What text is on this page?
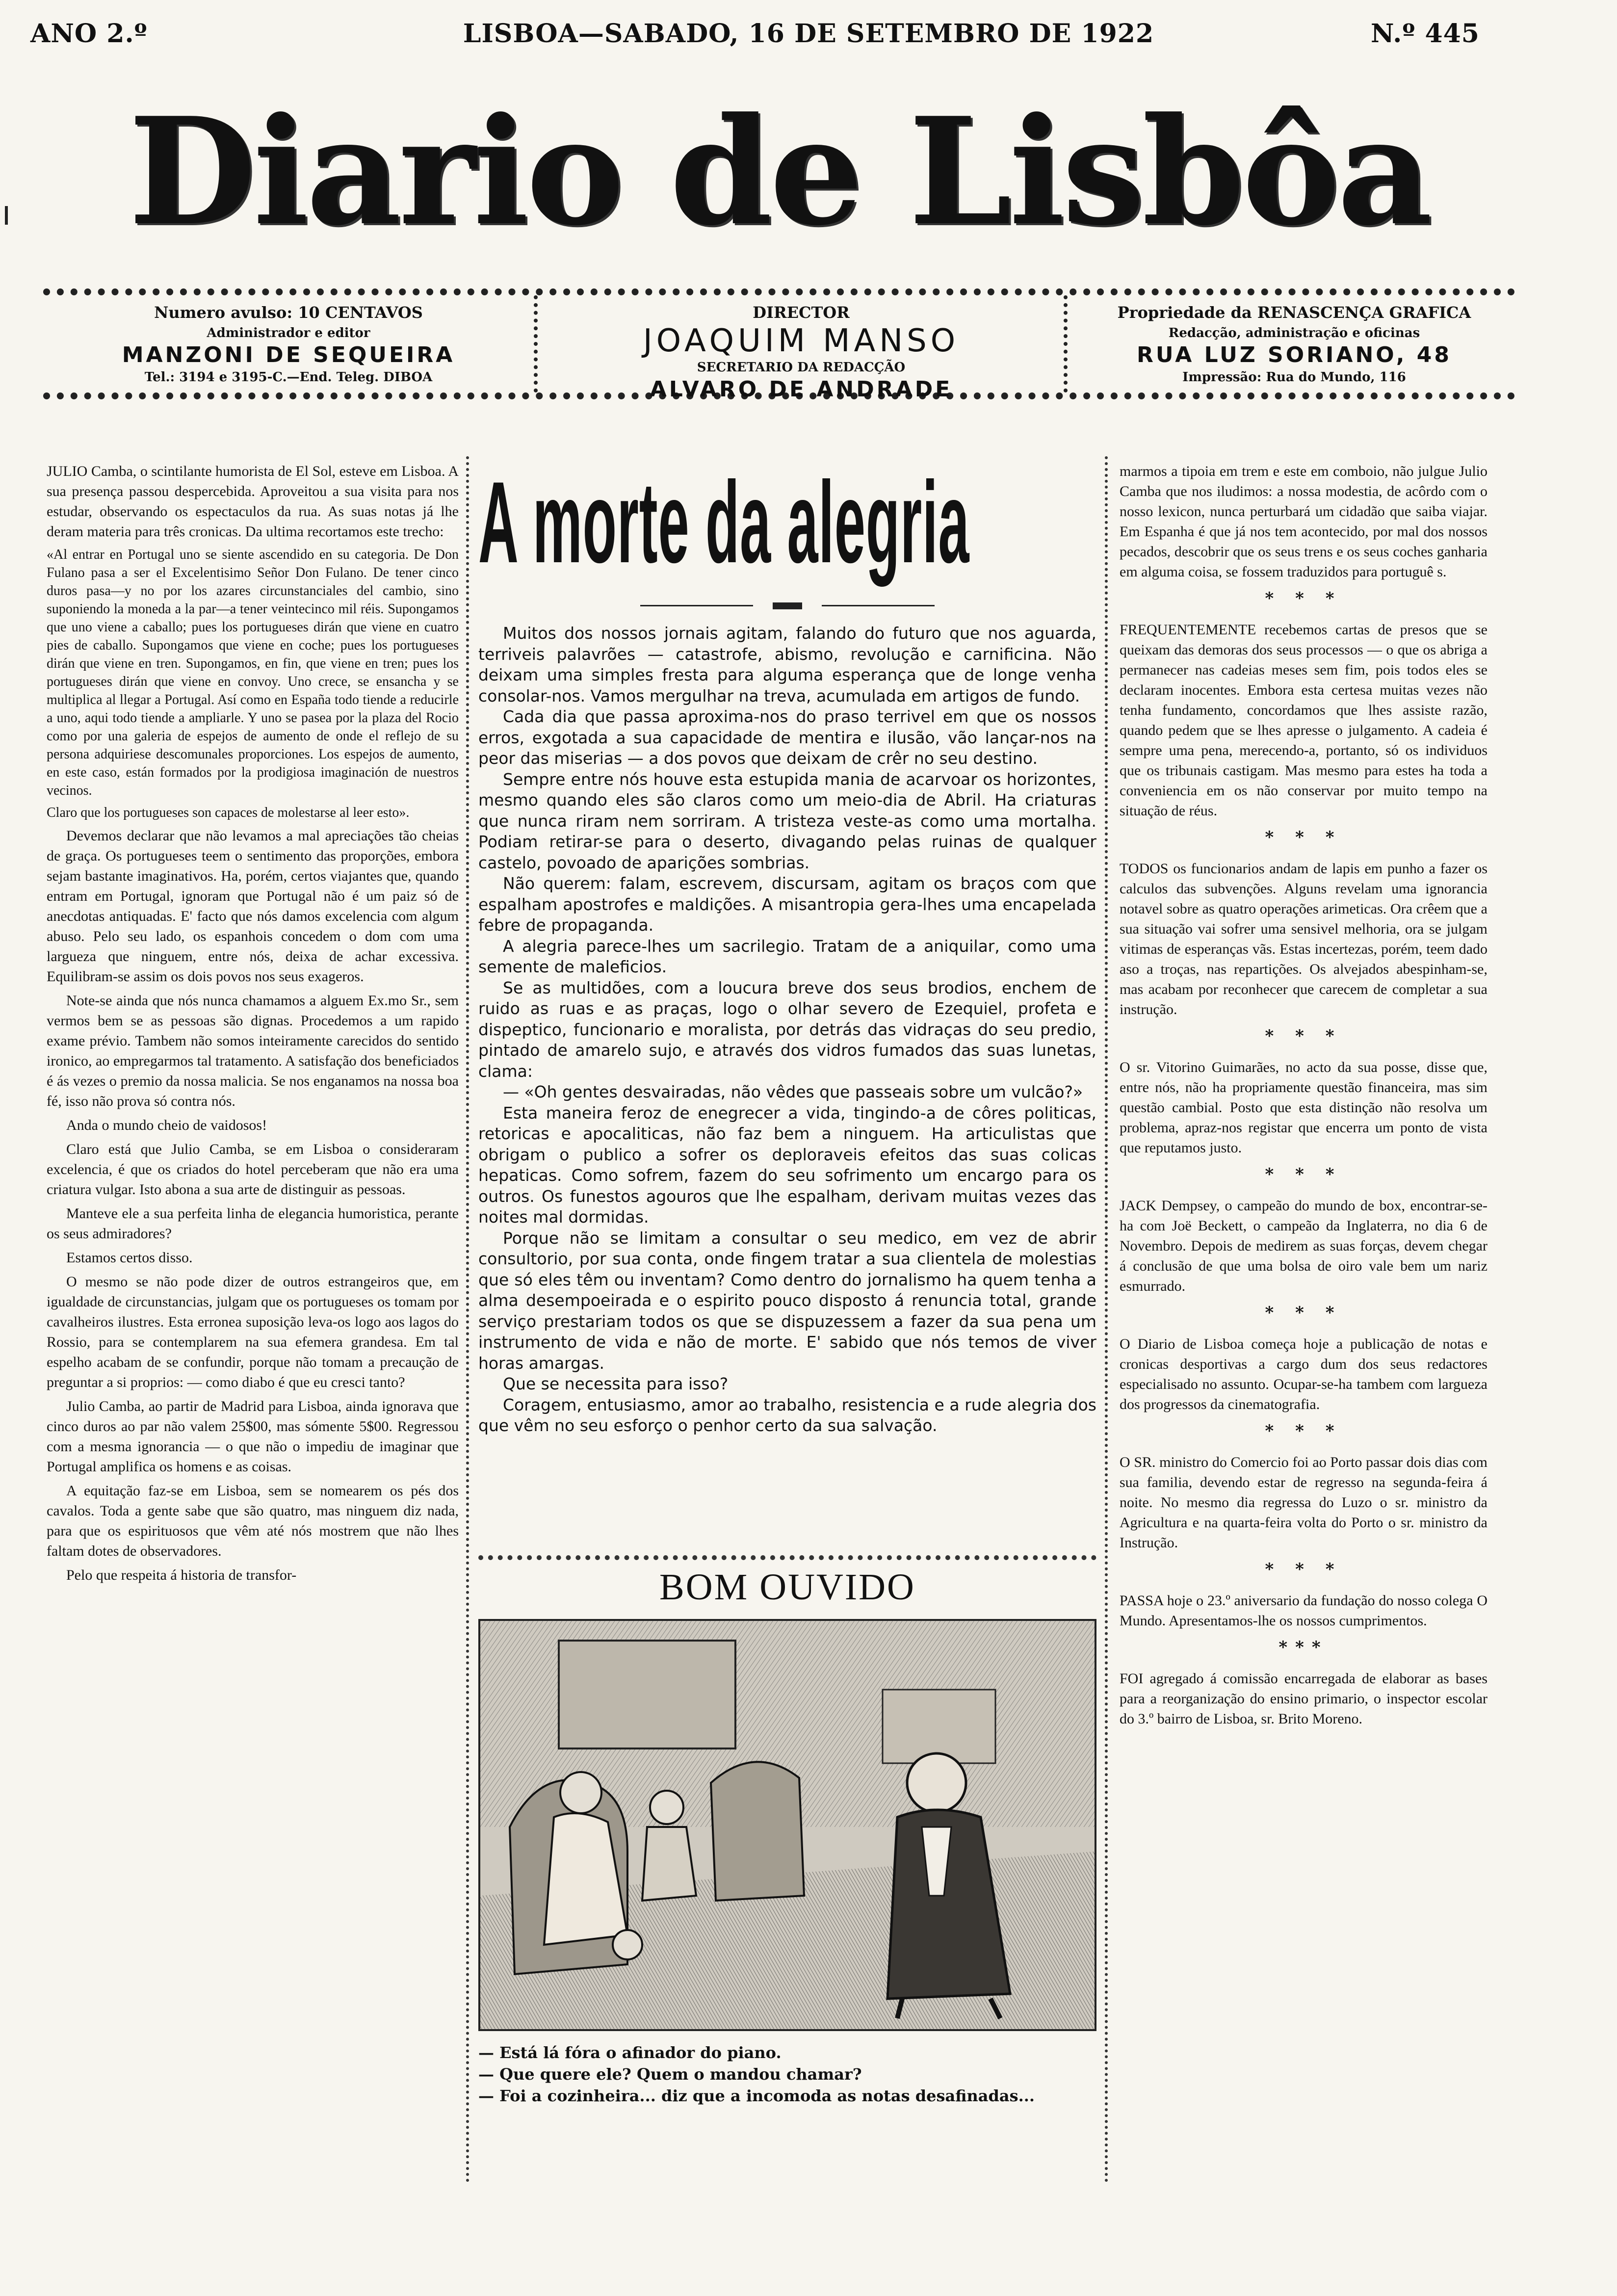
ANO 2.º	LISBOA—SABADO, 16 DE SETEMBRO DE 1922	N.º 445
Diario de Lisbôa
Numero avulso: 10 CENTAVOS
Administrador e editor
MANZONI DE SEQUEIRA
Tel.: 3194 e 3195-C.—End. Teleg. DIBOA
DIRECTOR
JOAQUIM MANSO
SECRETARIO DA REDACÇÃO
ALVARO DE ANDRADE
Propriedade da RENASCENÇA GRAFICA
Redacção, administração e oficinas
RUA LUZ SORIANO, 48
Impressão: Rua do Mundo, 116

JULIO Camba, o scintilante humorista de El Sol, esteve em Lisboa. A sua presença passou despercebida. Aproveitou a sua visita para nos estudar, observando os espectaculos da rua. As suas notas já lhe deram materia para três cronicas. Da ultima recortamos este trecho:

«Al entrar en Portugal uno se siente ascendido en su categoria. De Don Fulano pasa a ser el Excelentisimo Señor Don Fulano. De tener cinco duros pasa—y no por los azares circunstanciales del cambio, sino suponiendo la moneda a la par—a tener veintecinco mil réis. Supongamos que uno viene a caballo; pues los portugueses dirán que viene en cuatro pies de caballo. Supongamos que viene en coche; pues los portugueses dirán que viene en tren. Supongamos, en fin, que viene en tren; pues los portugueses dirán que viene en convoy. Uno crece, se ensancha y se multiplica al llegar a Portugal. Así como en España todo tiende a reducirle a uno, aqui todo tiende a ampliarle. Y uno se pasea por la plaza del Rocio como por una galeria de espejos de aumento de onde el reflejo de su persona adquiriese descomunales proporciones. Los espejos de aumento, en este caso, están formados por la prodigiosa imaginación de nuestros vecinos.

Claro que los portugueses son capaces de molestarse al leer esto».

Devemos declarar que não levamos a mal apreciações tão cheias de graça. Os portugueses teem o sentimento das proporções, embora sejam bastante imaginativos. Ha, porém, certos viajantes que, quando entram em Portugal, ignoram que Portugal não é um paiz só de anecdotas antiquadas. E' facto que nós damos excelencia com algum abuso. Pelo seu lado, os espanhois concedem o dom com uma largueza que ninguem, entre nós, deixa de achar excessiva. Equilibram-se assim os dois povos nos seus exageros.

Note-se ainda que nós nunca chamamos a alguem Ex.mo Sr., sem vermos bem se as pessoas são dignas. Procedemos a um rapido exame prévio. Tambem não somos inteiramente carecidos do sentido ironico, ao empregarmos tal tratamento. A satisfação dos beneficiados é ás vezes o premio da nossa malicia. Se nos enganamos na nossa boa fé, isso não prova só contra nós.

Anda o mundo cheio de vaidosos!

Claro está que Julio Camba, se em Lisboa o consideraram excelencia, é que os criados do hotel perceberam que não era uma criatura vulgar. Isto abona a sua arte de distinguir as pessoas.

Manteve ele a sua perfeita linha de elegancia humoristica, perante os seus admiradores?

Estamos certos disso.

O mesmo se não pode dizer de outros estrangeiros que, em igualdade de circunstancias, julgam que os portugueses os tomam por cavalheiros ilustres. Esta erronea suposição leva-os logo aos lagos do Rossio, para se contemplarem na sua efemera grandesa. Em tal espelho acabam de se confundir, porque não tomam a precaução de preguntar a si proprios: — como diabo é que eu cresci tanto?

Julio Camba, ao partir de Madrid para Lisboa, ainda ignorava que cinco duros ao par não valem 25$00, mas sómente 5$00. Regressou com a mesma ignorancia — o que não o impediu de imaginar que Portugal amplifica os homens e as coisas.

A equitação faz-se em Lisboa, sem se nomearem os pés dos cavalos. Toda a gente sabe que são quatro, mas ninguem diz nada, para que os espirituosos que vêm até nós mostrem que não lhes faltam dotes de observadores.

Pelo que respeita á historia de transfor-

A morte da alegria

Muitos dos nossos jornais agitam, falando do futuro que nos aguarda, terriveis palavrões — catastrofe, abismo, revolução e carnificina. Não deixam uma simples fresta para alguma esperança que de longe venha consolar-nos. Vamos mergulhar na treva, acumulada em artigos de fundo.

Cada dia que passa aproxima-nos do praso terrivel em que os nossos erros, exgotada a sua capacidade de mentira e ilusão, vão lançar-nos na peor das miserias — a dos povos que deixam de crêr no seu destino.

Sempre entre nós houve esta estupida mania de acarvoar os horizontes, mesmo quando eles são claros como um meio-dia de Abril. Ha criaturas que nunca riram nem sorriram. A tristeza veste-as como uma mortalha. Podiam retirar-se para o deserto, divagando pelas ruinas de qualquer castelo, povoado de aparições sombrias.

Não querem: falam, escrevem, discursam, agitam os braços com que espalham apostrofes e maldições. A misantropia gera-lhes uma encapelada febre de propaganda.

A alegria parece-lhes um sacrilegio. Tratam de a aniquilar, como uma semente de maleficios.

Se as multidões, com a loucura breve dos seus brodios, enchem de ruido as ruas e as praças, logo o olhar severo de Ezequiel, profeta e dispeptico, funcionario e moralista, por detrás das vidraças do seu predio, pintado de amarelo sujo, e através dos vidros fumados das suas lunetas, clama:

— «Oh gentes desvairadas, não vêdes que passeais sobre um vulcão?»

Esta maneira feroz de enegrecer a vida, tingindo-a de côres politicas, retoricas e apocaliticas, não faz bem a ninguem. Ha articulistas que obrigam o publico a sofrer os deploraveis efeitos das suas colicas hepaticas. Como sofrem, fazem do seu sofrimento um encargo para os outros. Os funestos agouros que lhe espalham, derivam muitas vezes das noites mal dormidas.

Porque não se limitam a consultar o seu medico, em vez de abrir consultorio, por sua conta, onde fingem tratar a sua clientela de molestias que só eles têm ou inventam? Como dentro do jornalismo ha quem tenha a alma desempoeirada e o espirito pouco disposto á renuncia total, grande serviço prestariam todos os que se dispuzessem a fazer da sua pena um instrumento de vida e não de morte. E' sabido que nós temos de viver horas amargas.

Que se necessita para isso?

Coragem, entusiasmo, amor ao trabalho, resistencia e a rude alegria dos que vêm no seu esforço o penhor certo da sua salvação.

BOM OUVIDO
— Está lá fóra o afinador do piano.
— Que quere ele? Quem o mandou chamar?
— Foi a cozinheira... diz que a incomoda as notas desafinadas...

marmos a tipoia em trem e este em comboio, não julgue Julio Camba que nos iludimos: a nossa modestia, de acôrdo com o nosso lexicon, nunca perturbará um cidadão que saiba viajar. Em Espanha é que já nos tem acontecido, por mal dos nossos pecados, descobrir que os seus trens e os seus coches ganharia em alguma coisa, se fossem traduzidos para portuguê s.

* * *

FREQUENTEMENTE recebemos cartas de presos que se queixam das demoras dos seus processos — o que os abriga a permanecer nas cadeias meses sem fim, pois todos eles se declaram inocentes. Embora esta certesa muitas vezes não tenha fundamento, concordamos que lhes assiste razão, quando pedem que se lhes apresse o julgamento. A cadeia é sempre uma pena, merecendo-a, portanto, só os individuos que os tribunais castigam. Mas mesmo para estes ha toda a conveniencia em os não conservar por muito tempo na situação de réus.

* * *

TODOS os funcionarios andam de lapis em punho a fazer os calculos das subvenções. Alguns revelam uma ignorancia notavel sobre as quatro operações arimeticas. Ora crêem que a sua situação vai sofrer uma sensivel melhoria, ora se julgam vitimas de esperanças vãs. Estas incertezas, porém, teem dado aso a troças, nas repartições. Os alvejados abespinham-se, mas acabam por reconhecer que carecem de completar a sua instrução.

* * *

O sr. Vitorino Guimarães, no acto da sua posse, disse que, entre nós, não ha propriamente questão financeira, mas sim questão cambial. Posto que esta distinção não resolva um problema, apraz-nos registar que encerra um ponto de vista que reputamos justo.

* * *

JACK Dempsey, o campeão do mundo de box, encontrar-se-ha com Joë Beckett, o campeão da Inglaterra, no dia 6 de Novembro. Depois de medirem as suas forças, devem chegar á conclusão de que uma bolsa de oiro vale bem um nariz esmurrado.

* * *

O Diario de Lisboa começa hoje a publicação de notas e cronicas desportivas a cargo dum dos seus redactores especialisado no assunto. Ocupar-se-ha tambem com largueza dos progressos da cinematografia.

* * *

O SR. ministro do Comercio foi ao Porto passar dois dias com sua familia, devendo estar de regresso na segunda-feira á noite. No mesmo dia regressa do Luzo o sr. ministro da Agricultura e na quarta-feira volta do Porto o sr. ministro da Instrução.

* * *

PASSA hoje o 23.º aniversario da fundação do nosso colega O Mundo. Apresentamos-lhe os nossos cumprimentos.

***

FOI agregado á comissão encarregada de elaborar as bases para a reorganização do ensino primario, o inspector escolar do 3.º bairro de Lisboa, sr. Brito Moreno.
